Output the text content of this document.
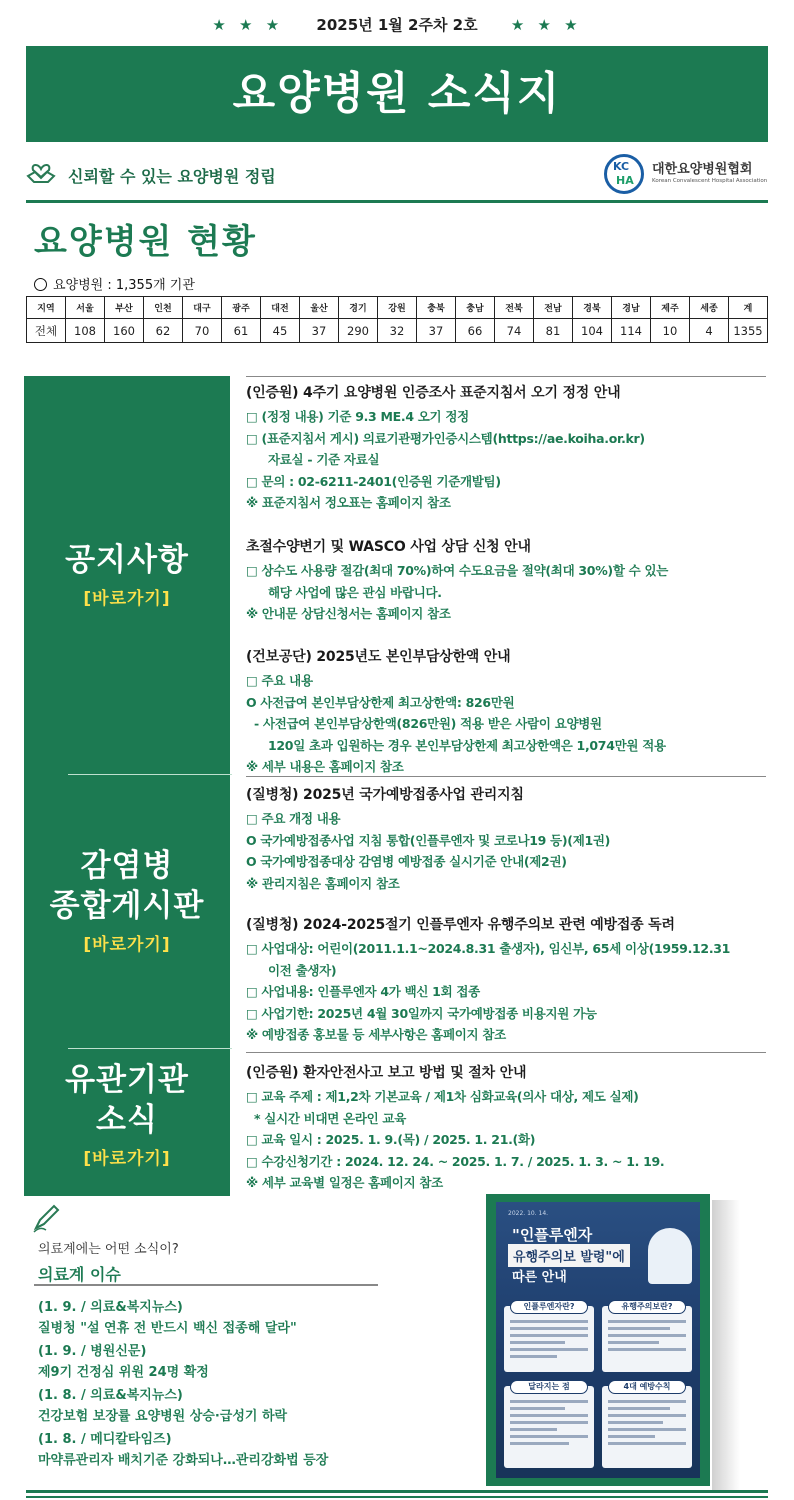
★ ★ ★ 2025년 1월 2주차 2호 ★ ★ ★
요양병원 소식지
신뢰할 수 있는 요양병원 정립
KC
HA
대한요양병원협회
Korean Convalescent Hospital Association
요양병원 현황
요양병원 : 1,355개 기관
지역	서울	부산	인천	대구	광주	대전	울산	경기	강원	충북	충남	전북	전남	경북	경남	제주	세종	계
전체	108	160	62	70	61	45	37	290	32	37	66	74	81	104	114	10	4	1355
공지사항
[바로가기]
감염병
종합게시판
[바로가기]
유관기관
소식
[바로가기]
(인증원) 4주기 요양병원 인증조사 표준지침서 오기 정정 안내
□ (정정 내용) 기준 9.3 ME.4 오기 정정
□ (표준지침서 게시) 의료기관평가인증시스템(https://ae.koiha.or.kr)
자료실 - 기준 자료실
□ 문의 : 02-6211-2401(인증원 기준개발팀)
※ 표준지침서 정오표는 홈페이지 참조
초절수양변기 및 WASCO 사업 상담 신청 안내
□ 상수도 사용량 절감(최대 70%)하여 수도요금을 절약(최대 30%)할 수 있는
해당 사업에 많은 관심 바랍니다.
※ 안내문 상담신청서는 홈페이지 참조
(건보공단) 2025년도 본인부담상한액 안내
□ 주요 내용
O 사전급여 본인부담상한제 최고상한액: 826만원
- 사전급여 본인부담상한액(826만원) 적용 받은 사람이 요양병원
120일 초과 입원하는 경우 본인부담상한제 최고상한액은 1,074만원 적용
※ 세부 내용은 홈페이지 참조
(질병청) 2025년 국가예방접종사업 관리지침
□ 주요 개정 내용
O 국가예방접종사업 지침 통합(인플루엔자 및 코로나19 등)(제1권)
O 국가예방접종대상 감염병 예방접종 실시기준 안내(제2권)
※ 관리지침은 홈페이지 참조
(질병청) 2024-2025절기 인플루엔자 유행주의보 관련 예방접종 독려
□ 사업대상: 어린이(2011.1.1~2024.8.31 출생자), 임신부, 65세 이상(1959.12.31
이전 출생자)
□ 사업내용: 인플루엔자 4가 백신 1회 접종
□ 사업기한: 2025년 4월 30일까지 국가예방접종 비용지원 가능
※ 예방접종 홍보물 등 세부사항은 홈페이지 참조
(인증원) 환자안전사고 보고 방법 및 절차 안내
□ 교육 주제 : 제1,2차 기본교육 / 제1차 심화교육(의사 대상, 제도 실제)
* 실시간 비대면 온라인 교육
□ 교육 일시 : 2025. 1. 9.(목) / 2025. 1. 21.(화)
□ 수강신청기간 : 2024. 12. 24. ~ 2025. 1. 7. / 2025. 1. 3. ~ 1. 19.
※ 세부 교육별 일정은 홈페이지 참조
의료계에는 어떤 소식이?
의료계 이슈
(1. 9. / 의료&복지뉴스)
질병청 "설 연휴 전 반드시 백신 접종해 달라"
(1. 9. / 병원신문)
제9기 건정심 위원 24명 확정
(1. 8. / 의료&복지뉴스)
건강보험 보장률 요양병원 상승·급성기 하락
(1. 8. / 메디칼타임즈)
마약류관리자 배치기준 강화되나…관리강화법 등장
2022. 10. 14.
"인플루엔자
유행주의보 발령"에
따른 안내
인플루엔자란?	유행주의보란?
달라지는 점	4대 예방수칙
